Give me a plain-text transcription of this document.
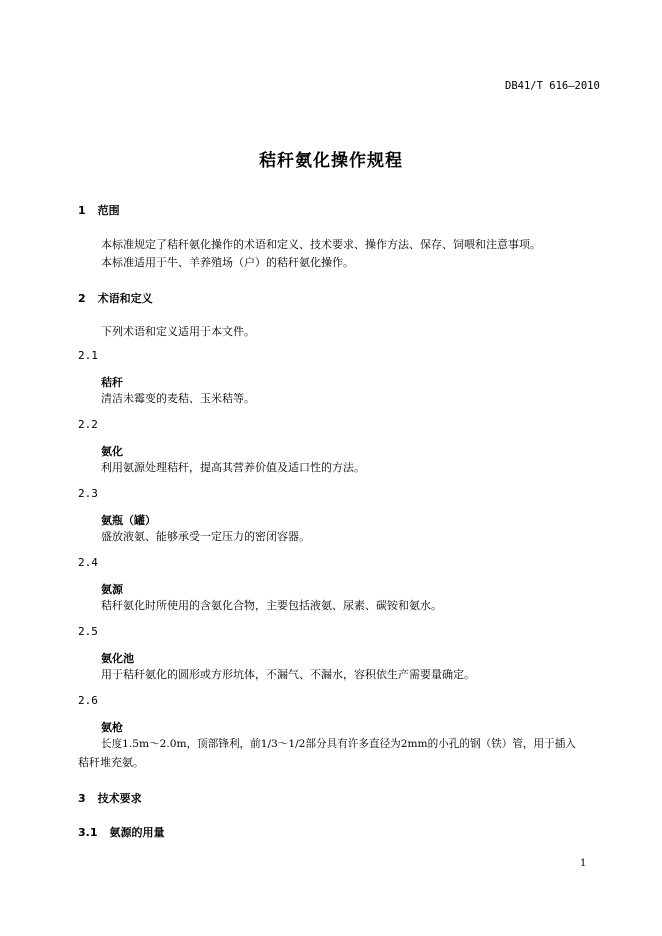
DB41/T 616—2010
秸秆氨化操作规程
1 范围
本标准规定了秸秆氨化操作的术语和定义、技术要求、操作方法、保存、饲喂和注意事项。
本标准适用于牛、羊养殖场（户）的秸秆氨化操作。
2 术语和定义
下列术语和定义适用于本文件。
2.1
秸秆
清洁未霉变的麦秸、玉米秸等。
2.2
氨化
利用氨源处理秸秆，提高其营养价值及适口性的方法。
2.3
氨瓶（罐）
盛放液氨、能够承受一定压力的密闭容器。
2.4
氨源
秸秆氨化时所使用的含氨化合物，主要包括液氨、尿素、碳铵和氨水。
2.5
氨化池
用于秸秆氨化的圆形或方形坑体，不漏气、不漏水，容积依生产需要量确定。
2.6
氨枪
长度1.5m～2.0m，顶部锋利，前1/3～1/2部分具有许多直径为2mm的小孔的钢（铁）管，用于插入
秸秆堆充氨。
3 技术要求
3.1 氨源的用量
1
